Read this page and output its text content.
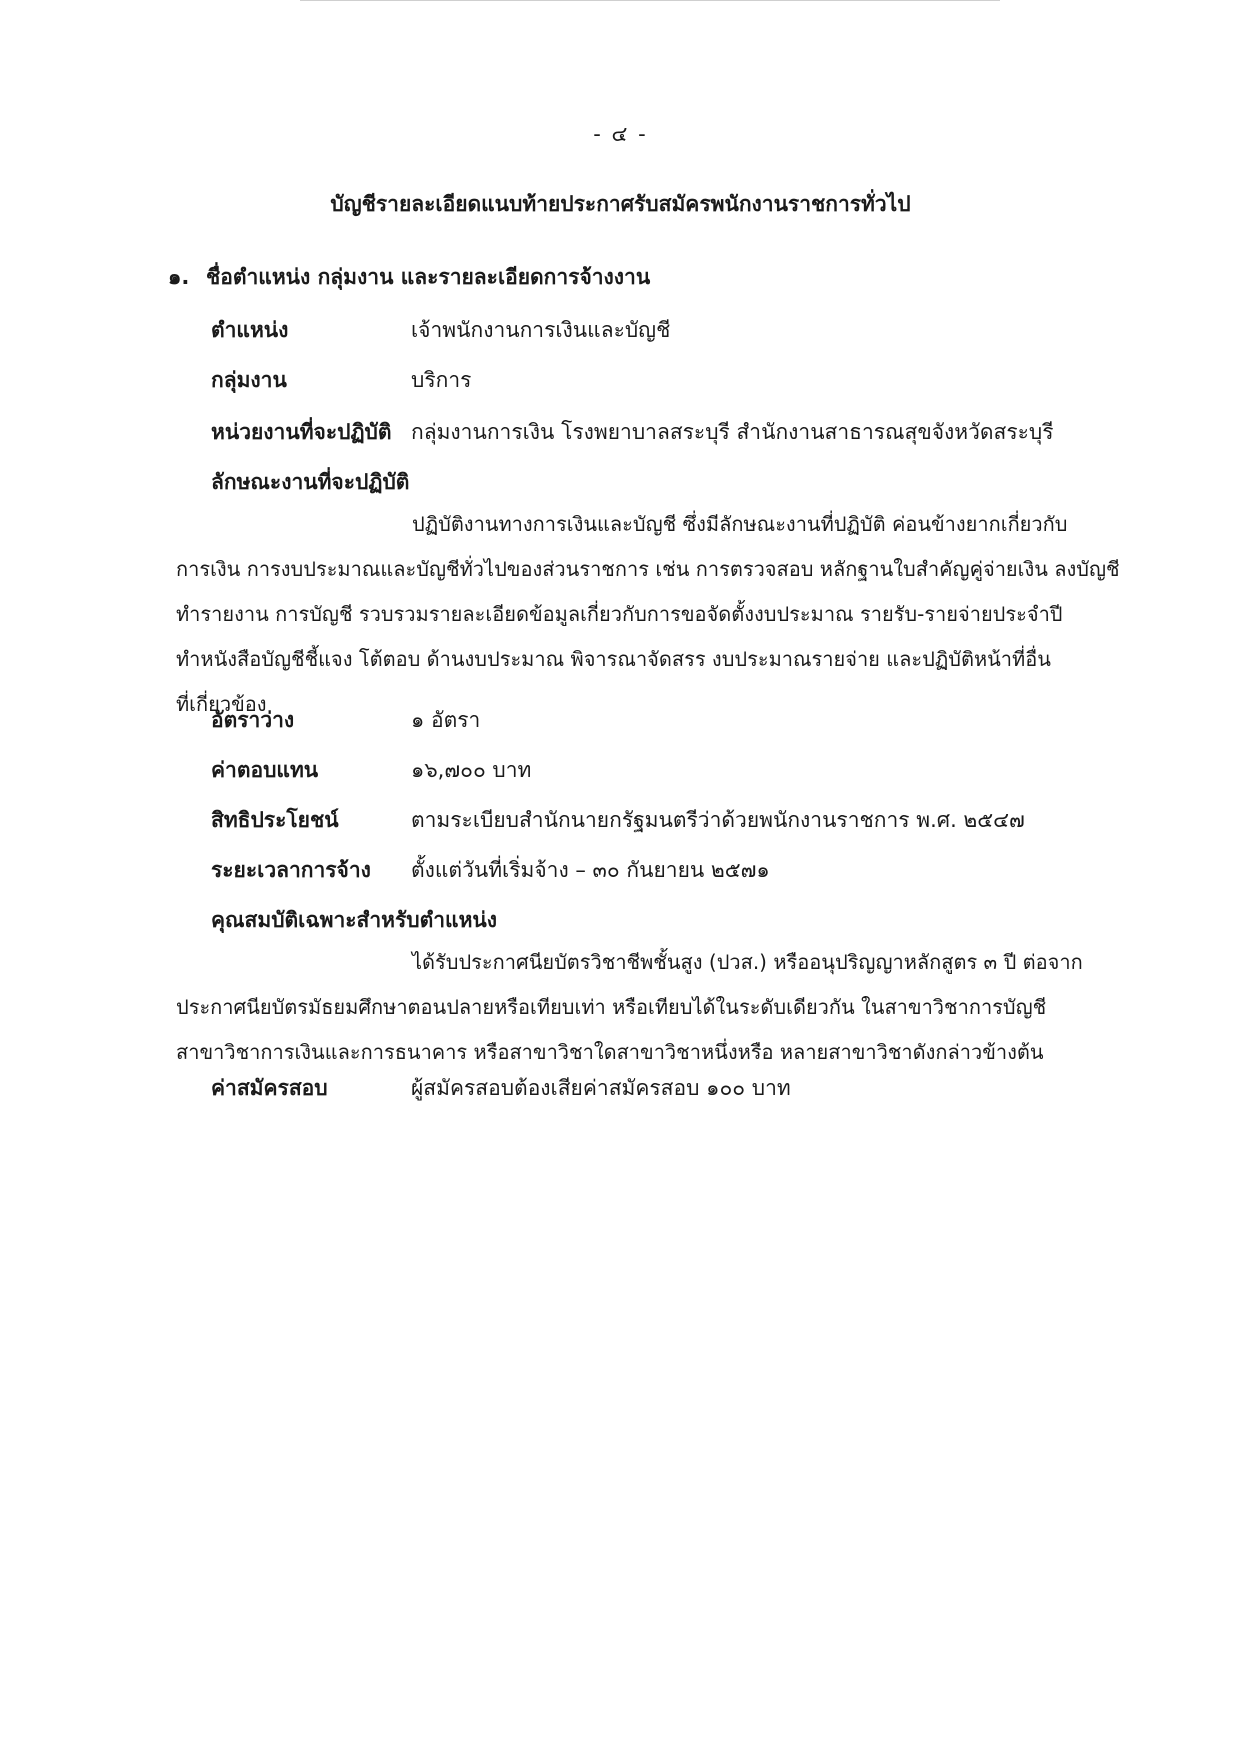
- ๔ -
บัญชีรายละเอียดแนบท้ายประกาศรับสมัครพนักงานราชการทั่วไป
๑. ชื่อตำแหน่ง กลุ่มงาน และรายละเอียดการจ้างงาน
ตำแหน่ง	เจ้าพนักงานการเงินและบัญชี
กลุ่มงาน	บริการ
หน่วยงานที่จะปฏิบัติ กลุ่มงานการเงิน โรงพยาบาลสระบุรี สำนักงานสาธารณสุขจังหวัดสระบุรี
ลักษณะงานที่จะปฏิบัติ
ปฏิบัติงานทางการเงินและบัญชี ซึ่งมีลักษณะงานที่ปฏิบัติ ค่อนข้างยากเกี่ยวกับ
การเงิน การงบประมาณและบัญชีทั่วไปของส่วนราชการ เช่น การตรวจสอบ หลักฐานใบสำคัญคู่จ่ายเงิน ลงบัญชี
ทำรายงาน การบัญชี รวบรวมรายละเอียดข้อมูลเกี่ยวกับการขอจัดตั้งงบประมาณ รายรับ-รายจ่ายประจำปี
ทำหนังสือบัญชีชี้แจง โต้ตอบ ด้านงบประมาณ พิจารณาจัดสรร งบประมาณรายจ่าย และปฏิบัติหน้าที่อื่น
ที่เกี่ยวข้อง
อัตราว่าง	๑ อัตรา
ค่าตอบแทน	๑๖,๗๐๐ บาท
สิทธิประโยชน์	ตามระเบียบสำนักนายกรัฐมนตรีว่าด้วยพนักงานราชการ พ.ศ. ๒๕๔๗
ระยะเวลาการจ้าง ตั้งแต่วันที่เริ่มจ้าง – ๓๐ กันยายน ๒๕๗๑
คุณสมบัติเฉพาะสำหรับตำแหน่ง
ได้รับประกาศนียบัตรวิชาชีพชั้นสูง (ปวส.) หรืออนุปริญญาหลักสูตร ๓ ปี ต่อจาก
ประกาศนียบัตรมัธยมศึกษาตอนปลายหรือเทียบเท่า หรือเทียบได้ในระดับเดียวกัน ในสาขาวิชาการบัญชี
สาขาวิชาการเงินและการธนาคาร หรือสาขาวิชาใดสาขาวิชาหนึ่งหรือ หลายสาขาวิชาดังกล่าวข้างต้น
ค่าสมัครสอบ	ผู้สมัครสอบต้องเสียค่าสมัครสอบ ๑๐๐ บาท
